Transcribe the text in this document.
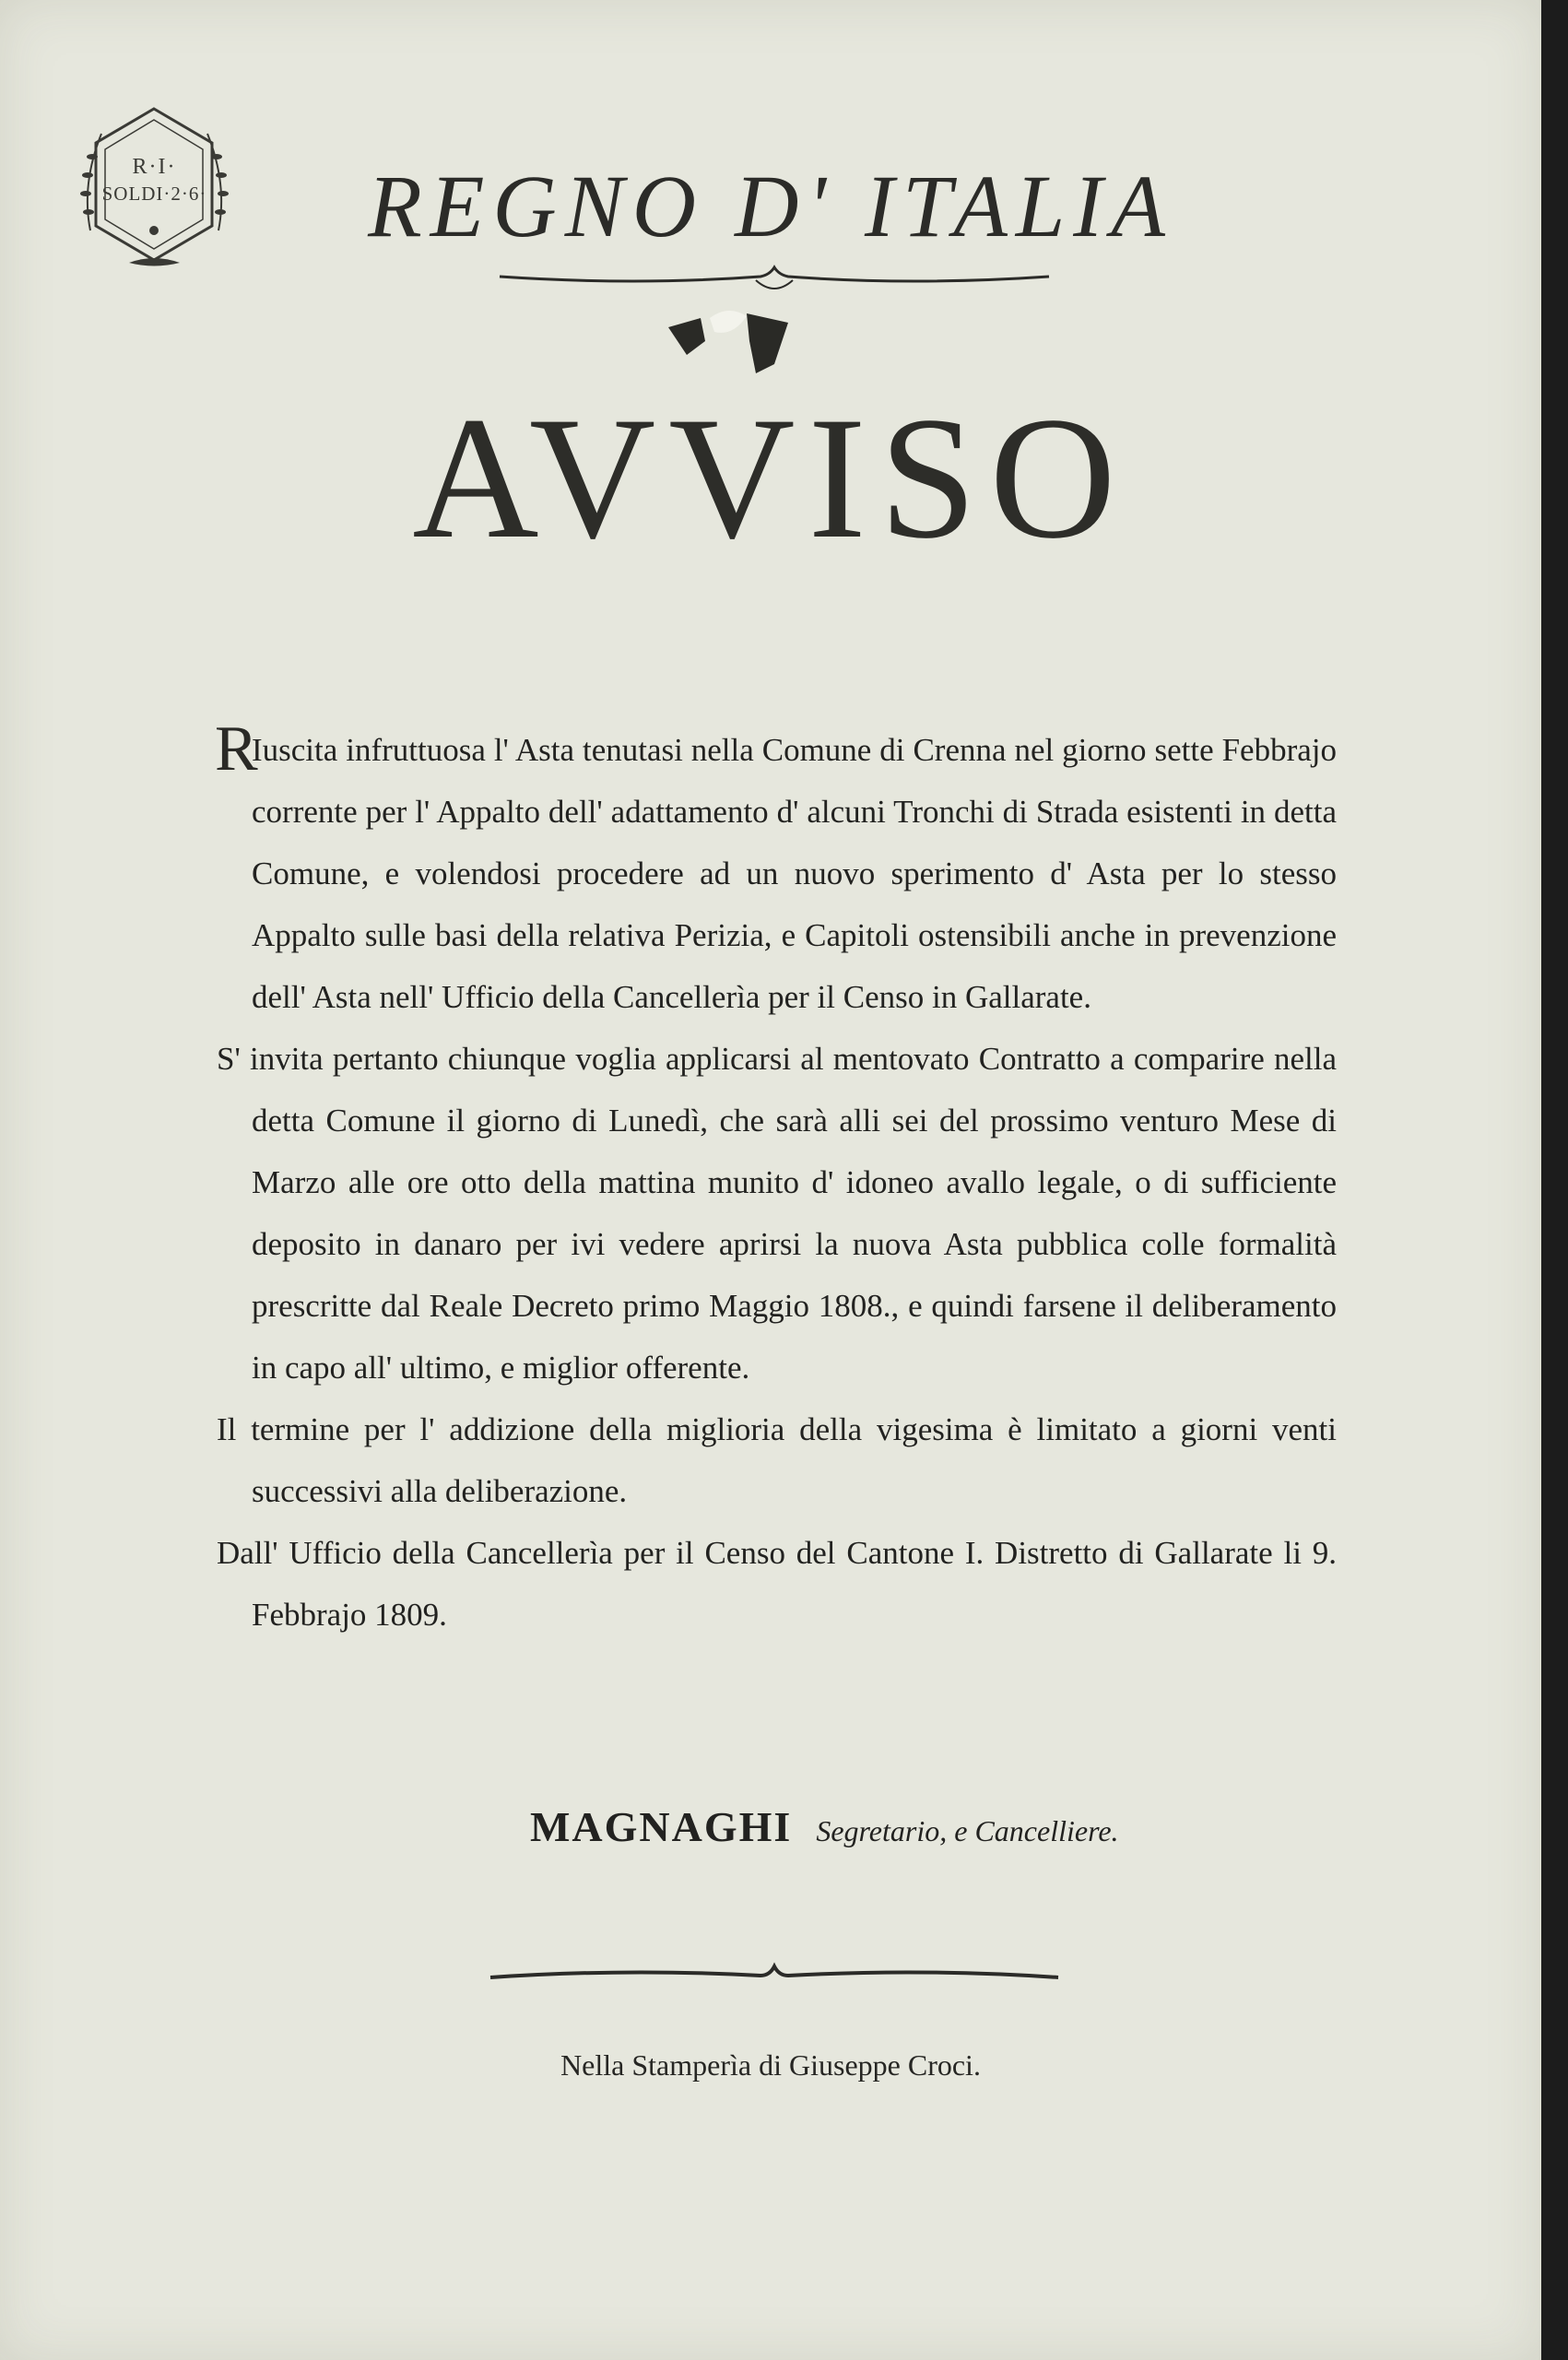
R·I·
SOLDI·2·6·	REGNO D' ITALIA
AVVISO

R
Iuscita infruttuosa l' Asta tenutasi nella Comune di Crenna nel giorno sette Febbrajo corrente per l' Appalto dell' adattamento d' alcuni Tronchi di Strada esistenti in detta Comune, e volendosi procedere ad un nuovo sperimento d' Asta per lo stesso Appalto sulle basi della relativa Perizia, e Capitoli ostensibili anche in prevenzione dell' Asta nell' Ufficio della Cancellerìa per il Censo in Gallarate.

S' invita pertanto chiunque voglia applicarsi al mentovato Contratto a comparire nella detta Comune il giorno di Lunedì, che sarà alli sei del prossimo venturo Mese di Marzo alle ore otto della mattina munito d' idoneo avallo legale, o di sufficiente deposito in danaro per ivi vedere aprirsi la nuova Asta pubblica colle formalità prescritte dal Reale Decreto primo Maggio 1808., e quindi farsene il deliberamento in capo all' ultimo, e miglior offerente.

Il termine per l' addizione della miglioria della vigesima è limitato a giorni venti successivi alla deliberazione.

Dall' Ufficio della Cancellerìa per il Censo del Cantone I. Distretto di Gallarate li 9. Febbrajo 1809.

MAGNAGHI Segretario, e Cancelliere.
Nella Stamperìa di Giuseppe Croci.
